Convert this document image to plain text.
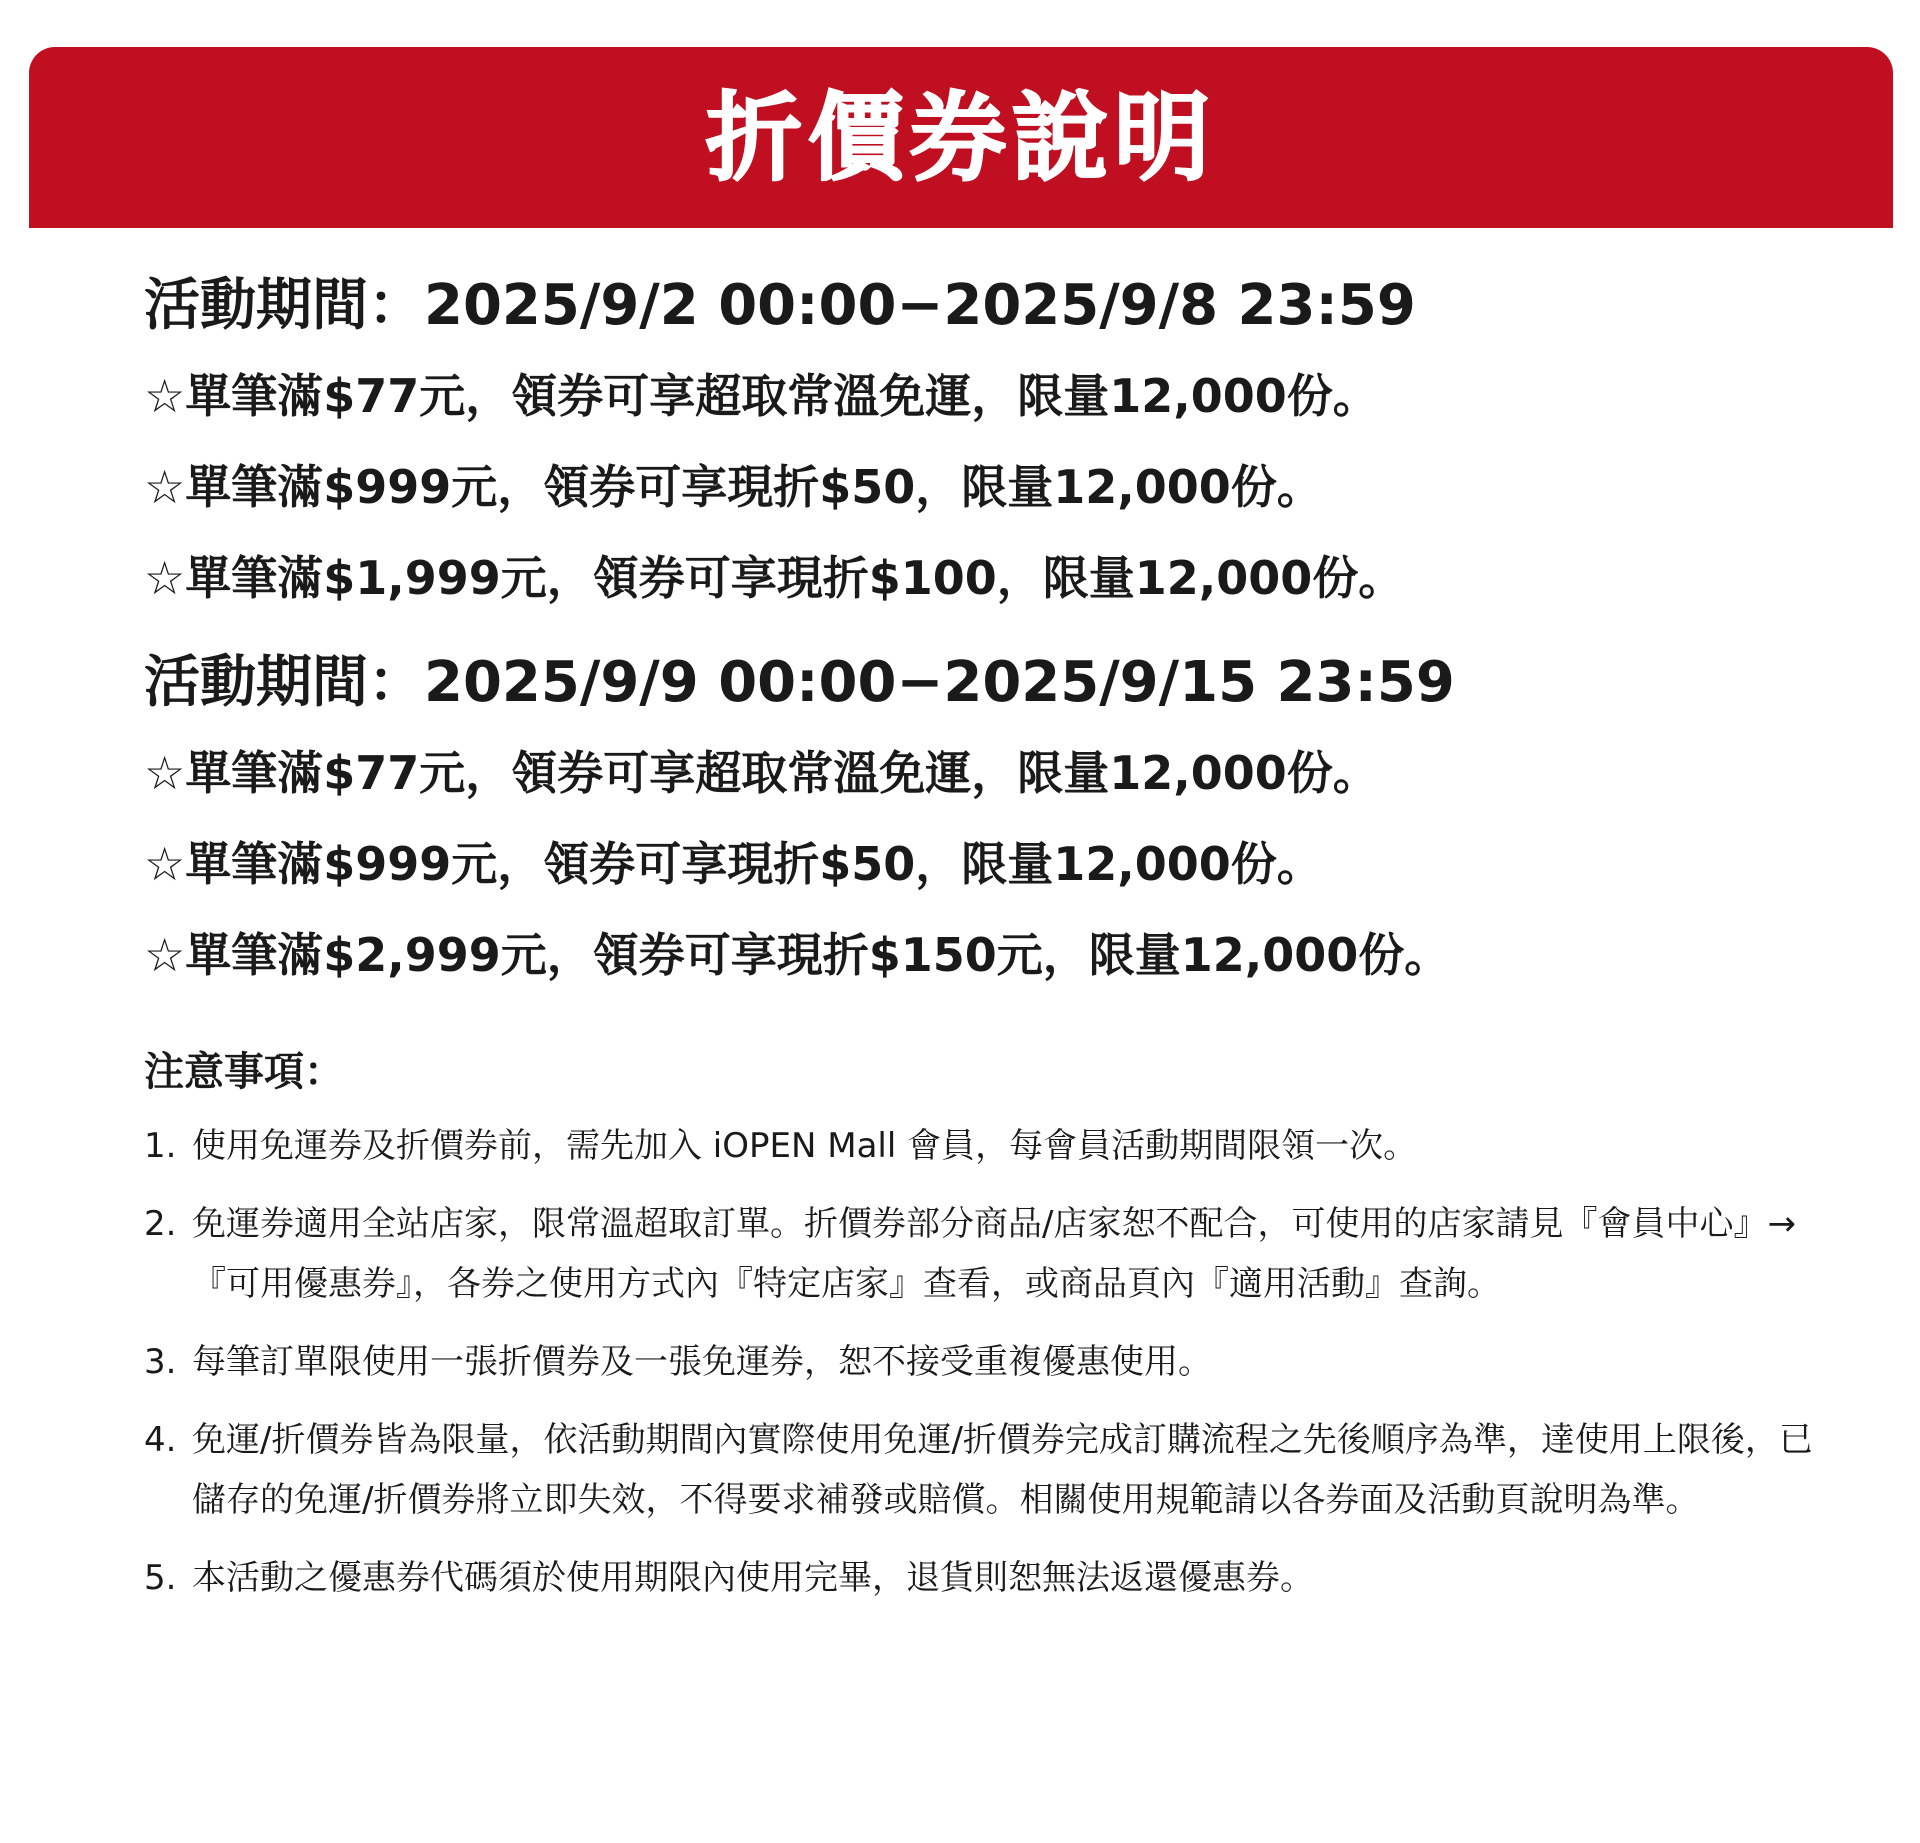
折價券說明
活動期間：2025/9/2 00:00−2025/9/8 23:59
☆單筆滿$77元，領券可享超取常溫免運，限量12,000份。
☆單筆滿$999元，領券可享現折$50，限量12,000份。
☆單筆滿$1,999元，領券可享現折$100，限量12,000份。
活動期間：2025/9/9 00:00−2025/9/15 23:59
☆單筆滿$77元，領券可享超取常溫免運，限量12,000份。
☆單筆滿$999元，領券可享現折$50，限量12,000份。
☆單筆滿$2,999元，領券可享現折$150元，限量12,000份。
注意事項：
1. 使用免運券及折價券前，需先加入 iOPEN Mall 會員，每會員活動期間限領一次。
2. 免運券適用全站店家，限常溫超取訂單。折價券部分商品/店家恕不配合，可使用的店家請見『會員中心』→『可用優惠券』，各券之使用方式內『特定店家』查看，或商品頁內『適用活動』查詢。
3. 每筆訂單限使用一張折價券及一張免運券，恕不接受重複優惠使用。
4. 免運/折價券皆為限量，依活動期間內實際使用免運/折價券完成訂購流程之先後順序為準，達使用上限後，已儲存的免運/折價券將立即失效，不得要求補發或賠償。相關使用規範請以各券面及活動頁說明為準。
5. 本活動之優惠券代碼須於使用期限內使用完畢，退貨則恕無法返還優惠券。
